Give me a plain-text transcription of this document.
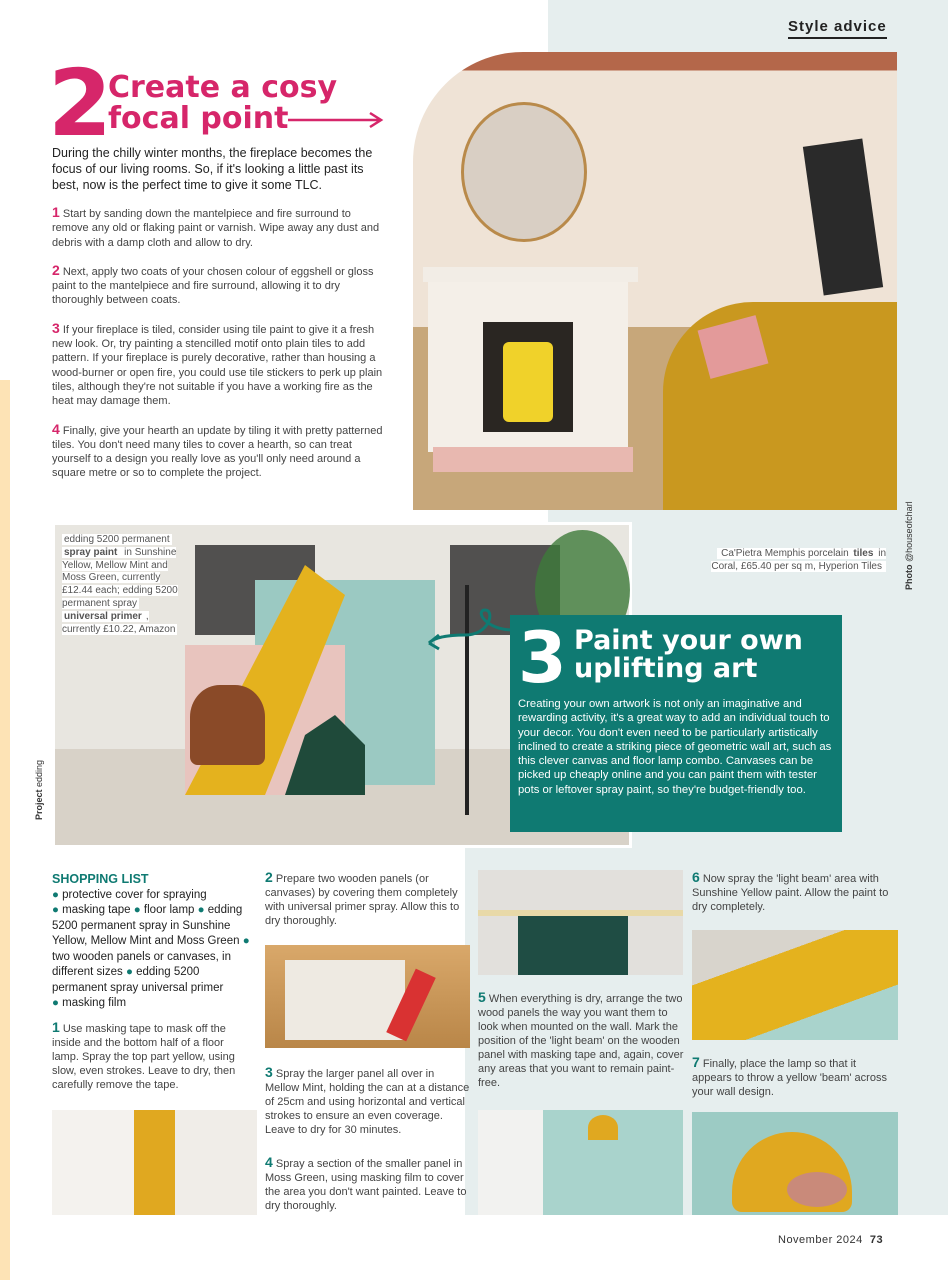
Style advice
2
Create a cosy focal point
During the chilly winter months, the fireplace becomes the focus of our living rooms. So, if it's looking a little past its best, now is the perfect time to give it some TLC.

1 Start by sanding down the mantelpiece and fire surround to remove any old or flaking paint or varnish. Wipe away any dust and debris with a damp cloth and allow to dry.

2 Next, apply two coats of your chosen colour of eggshell or gloss paint to the mantelpiece and fire surround, allowing it to dry thoroughly between coats.

3 If your fireplace is tiled, consider using tile paint to give it a fresh new look. Or, try painting a stencilled motif onto plain tiles to add pattern. If your fireplace is purely decorative, rather than housing a wood-burner or open fire, you could use tile stickers to perk up plain tiles, although they're not suitable if you have a working fire as the heat may damage them.

4 Finally, give your hearth an update by tiling it with pretty patterned tiles. You don't need many tiles to cover a hearth, so can treat yourself to a design you really love as you'll only need around a square metre or so to complete the project.

Ca'Pietra Memphis porcelain tiles in Coral, £65.40 per sq m, Hyperion Tiles	Photo @houseofcharl
edding 5200 permanent
spray paint in Sunshine Yellow, Mellow Mint and Moss Green, currently £12.44 each; edding 5200 permanent spray
universal primer , currently £10.22, Amazon
Project edding
3 Paint your own uplifting art
Creating your own artwork is not only an imaginative and rewarding activity, it's a great way to add an individual touch to your decor. You don't even need to be particularly artistically inclined to create a striking piece of geometric wall art, such as this clever canvas and floor lamp combo. Canvases can be picked up cheaply online and you can paint them with tester pots or leftover spray paint, so they're budget-friendly too.
SHOPPING LIST
● protective cover for spraying
● masking tape ● floor lamp ● edding 5200 permanent spray in Sunshine Yellow, Mellow Mint and Moss Green ● two wooden panels or canvases, in different sizes ● edding 5200 permanent spray universal primer
● masking film
1 Use masking tape to mask off the inside and the bottom half of a floor lamp. Spray the top part yellow, using slow, even strokes. Leave to dry, then carefully remove the tape.
2 Prepare two wooden panels (or canvases) by covering them completely with universal primer spray. Allow this to dry thoroughly.
3 Spray the larger panel all over in Mellow Mint, holding the can at a distance of 25cm and using horizontal and vertical strokes to ensure an even coverage. Leave to dry for 30 minutes.
4 Spray a section of the smaller panel in Moss Green, using masking film to cover the area you don't want painted. Leave to dry thoroughly.
5 When everything is dry, arrange the two wood panels the way you want them to look when mounted on the wall. Mark the position of the 'light beam' on the wooden panel with masking tape and, again, cover any areas that you want to remain paint-free.
6 Now spray the 'light beam' area with Sunshine Yellow paint. Allow the paint to dry completely.
7 Finally, place the lamp so that it appears to throw a yellow 'beam' across your wall design.
November 2024 73
